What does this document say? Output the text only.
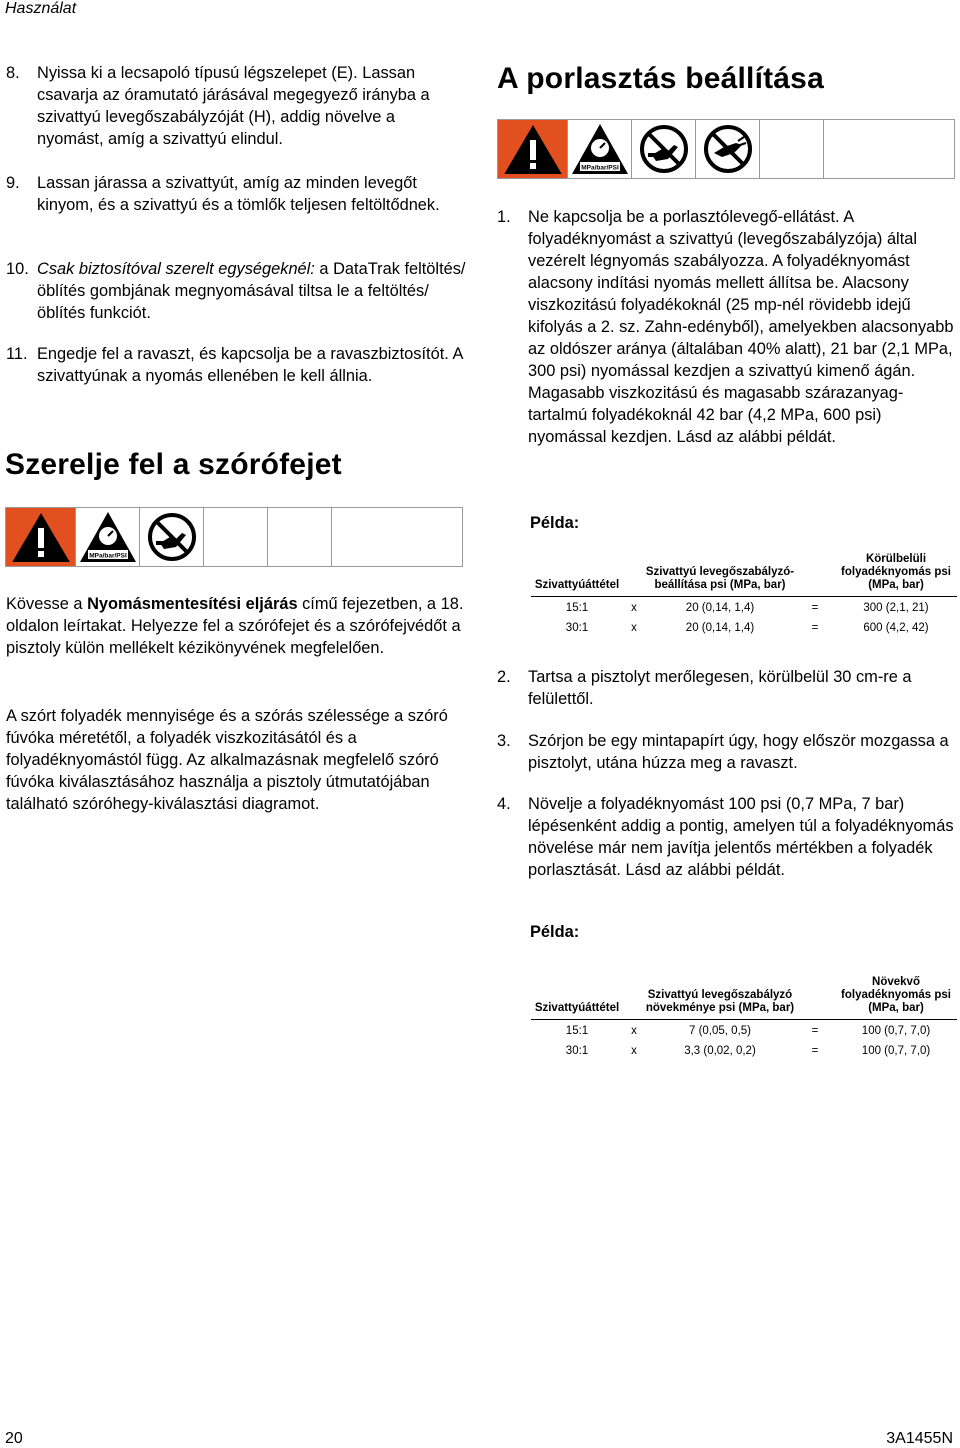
Használat
8. Nyissa ki a lecsapoló típusú légszelepet (E). Lassan csavarja az óramutató járásával megegyező irányba a szivattyú levegőszabályzóját (H), addig növelve a nyomást, amíg a szivattyú elindul.
9. Lassan járassa a szivattyút, amíg az minden levegőt kinyom, és a szivattyú és a tömlők teljesen feltöltődnek.
10. Csak biztosítóval szerelt egységeknél: a DataTrak feltöltés/öblítés gombjának megnyomásával tiltsa le a feltöltés/öblítés funkciót.
11. Engedje fel a ravaszt, és kapcsolja be a ravaszbiztosítót. A szivattyúnak a nyomás ellenében le kell állnia.
Szerelje fel a szórófejet
MPa/bar/PSI

Kövesse a Nyomásmentesítési eljárás című fejezetben, a 18. oldalon leírtakat. Helyezze fel a szórófejet és a szórófejvédőt a pisztoly külön mellékelt kézikönyvének megfelelően.

A szórt folyadék mennyisége és a szórás szélessége a szóró fúvóka méretétől, a folyadék viszkozitásától és a folyadéknyomástól függ. Az alkalmazásnak megfelelő szóró fúvóka kiválasztásához használja a pisztoly útmutatójában található szóróhegy-kiválasztási diagramot.

A porlasztás beállítása
MPa/bar/PSI
1. Ne kapcsolja be a porlasztólevegő-ellátást. A folyadéknyomást a szivattyú (levegőszabályzója) által vezérelt légnyomás szabályozza. A folyadéknyomást alacsony indítási nyomás mellett állítsa be. Alacsony viszkozitású folyadékoknál (25 mp-nél rövidebb idejű kifolyás a 2. sz. Zahn-edényből), amelyekben alacsonyabb az oldószer aránya (általában 40% alatt), 21 bar (2,1 MPa, 300 psi) nyomással kezdjen a szivattyú kimenő ágán. Magasabb viszkozitású és magasabb szárazanyag-tartalmú folyadékoknál 42 bar (4,2 MPa, 600 psi) nyomással kezdjen. Lásd az alábbi példát.
Példa:
Szivattyúáttétel		Szivattyú levegőszabályzó-beállítása psi (MPa, bar)		Körülbelüli folyadéknyomás psi (MPa, bar)
15:1	x	20 (0,14, 1,4)	=	300 (2,1, 21)
30:1	x	20 (0,14, 1,4)	=	600 (4,2, 42)
2. Tartsa a pisztolyt merőlegesen, körülbelül 30 cm-re a felülettől.
3. Szórjon be egy mintapapírt úgy, hogy először mozgassa a pisztolyt, utána húzza meg a ravaszt.
4. Növelje a folyadéknyomást 100 psi (0,7 MPa, 7 bar) lépésenként addig a pontig, amelyen túl a folyadéknyomás növelése már nem javítja jelentős mértékben a folyadék porlasztását. Lásd az alábbi példát.
Példa:
Szivattyúáttétel		Szivattyú levegőszabályzó növekménye psi (MPa, bar)		Növekvő folyadéknyomás psi (MPa, bar)
15:1	x	7 (0,05, 0,5)	=	100 (0,7, 7,0)
30:1	x	3,3 (0,02, 0,2)	=	100 (0,7, 7,0)
20	3A1455N
